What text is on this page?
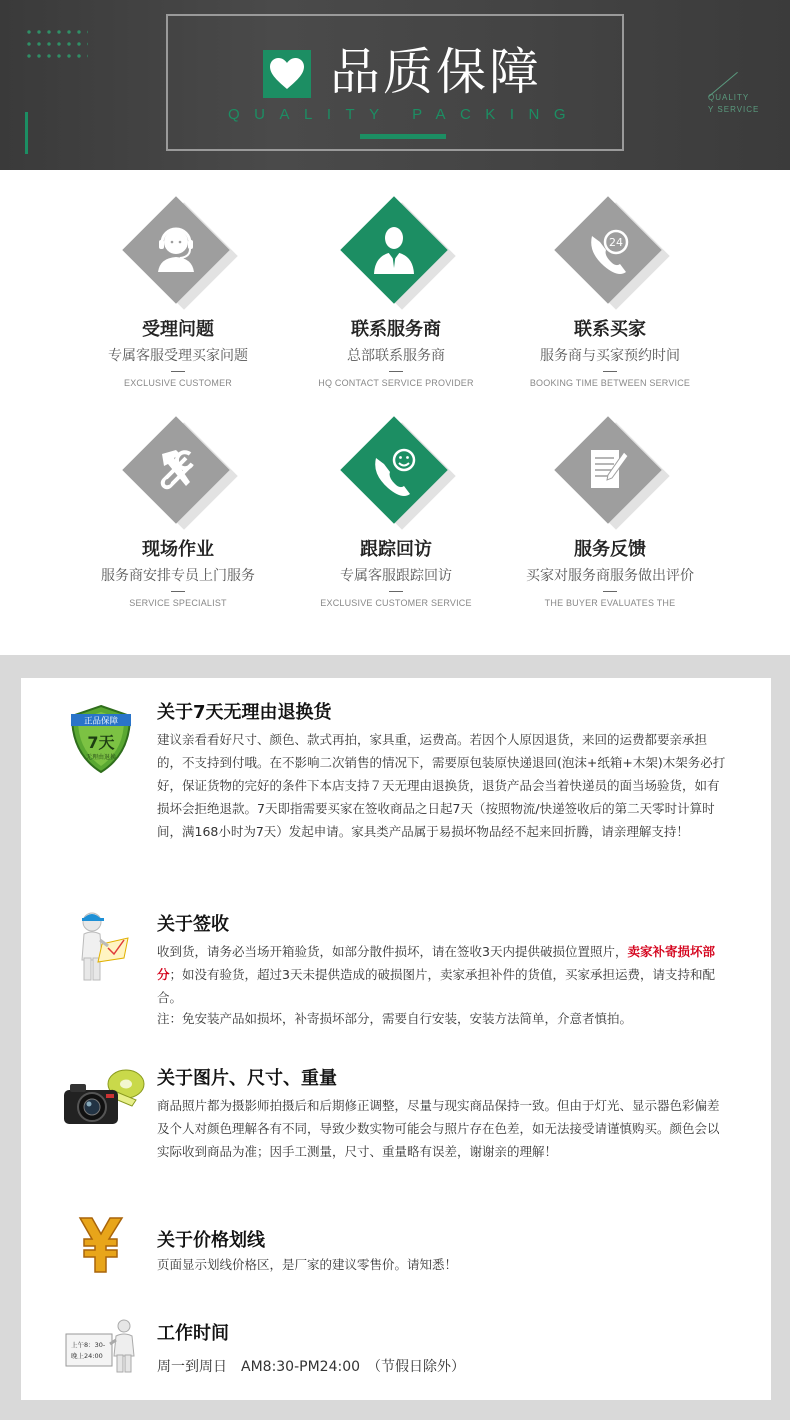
品质保障
QUALITY PACKING
QUALITY
Y SERVICE
受理问题
专属客服受理买家问题
EXCLUSIVE CUSTOMER
联系服务商
总部联系服务商
HQ CONTACT SERVICE PROVIDER
24
联系买家
服务商与买家预约时间
BOOKING TIME BETWEEN SERVICE
现场作业
服务商安排专员上门服务
SERVICE SPECIALIST
跟踪回访
专属客服跟踪回访
EXCLUSIVE CUSTOMER SERVICE
服务反馈
买家对服务商服务做出评价
THE BUYER EVALUATES THE
正品保障
7天
无理由退换
关于7天无理由退换货
建议亲看看好尺寸、颜色、款式再拍，家具重，运费高。若因个人原因退货，来回的运费都要亲承担的，不支持到付哦。在不影响二次销售的情况下，需要原包装原快递退回(泡沫+纸箱+木架)木架务必打好，保证货物的完好的条件下本店支持７天无理由退换货，退货产品会当着快递员的面当场验货，如有损坏会拒绝退款。7天即指需要买家在签收商品之日起7天（按照物流/快递签收后的第二天零时计算时间，满168小时为7天）发起申请。家具类产品属于易损坏物品经不起来回折腾，请亲理解支持！
关于签收
收到货，请务必当场开箱验货，如部分散件损坏，请在签收3天内提供破损位置照片，卖家补寄损坏部分；如没有验货，超过3天未提供造成的破损图片，卖家承担补件的货值，买家承担运费，请支持和配合。
注：免安装产品如损坏，补寄损坏部分，需要自行安装，安装方法简单，介意者慎拍。
关于图片、尺寸、重量
商品照片都为摄影师拍摄后和后期修正调整，尽量与现实商品保持一致。但由于灯光、显示器色彩偏差及个人对颜色理解各有不同，导致少数实物可能会与照片存在色差，如无法接受请谨慎购买。颜色会以实际收到商品为准；因手工测量，尺寸、重量略有误差，谢谢亲的理解！
关于价格划线
页面显示划线价格区，是厂家的建议零售价。请知悉！
上午8：30-
晚上24:00
工作时间
周一到周日　AM8:30-PM24:00　（节假日除外）
